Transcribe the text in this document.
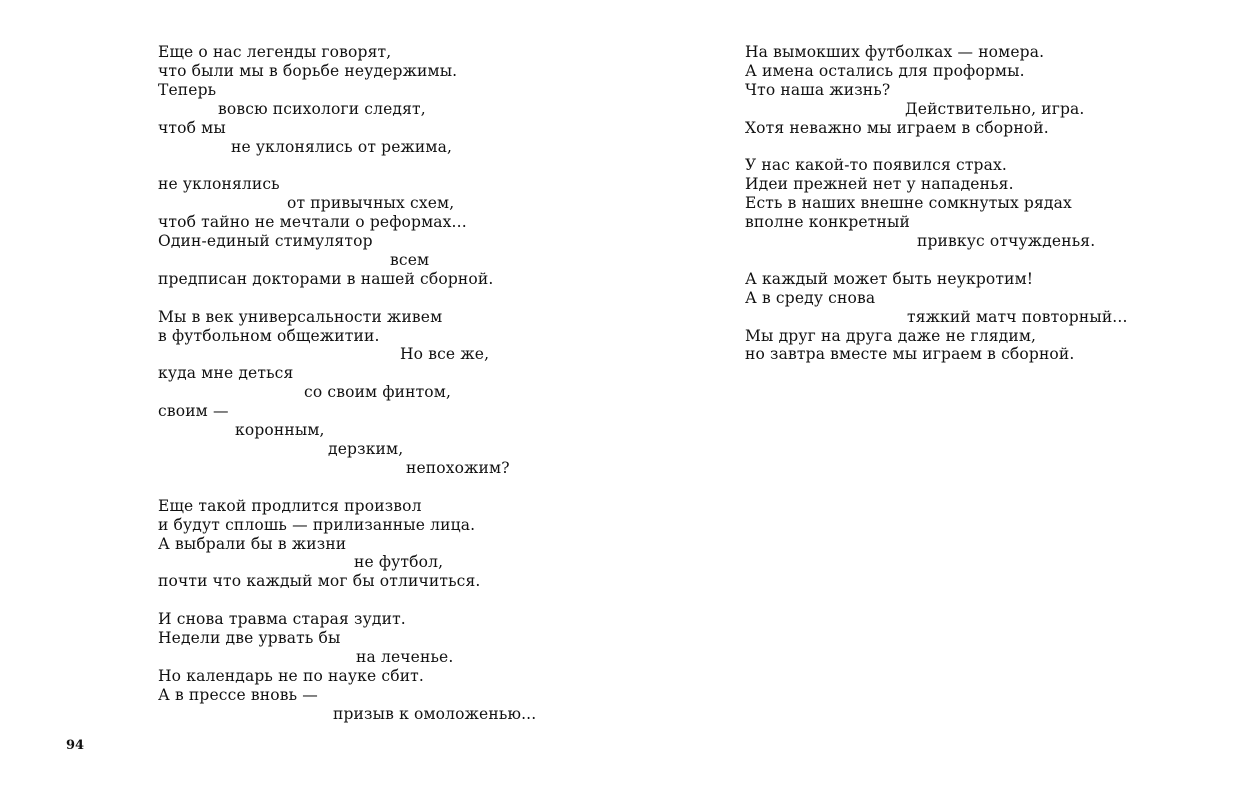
Еще о нас легенды говорят,
что были мы в борьбе неудержимы.
Теперь
вовсю психологи следят,
чтоб мы
не уклонялись от режима,
не уклонялись
от привычных схем,
чтоб тайно не мечтали о реформах...
Один-единый стимулятор
всем
предписан докторами в нашей сборной.
Мы в век универсальности живем
в футбольном общежитии.
Но все же,
куда мне деться
со своим финтом,
своим —
коронным,
дерзким,
непохожим?
Еще такой продлится произвол
и будут сплошь — прилизанные лица.
А выбрали бы в жизни
не футбол,
почти что каждый мог бы отличиться.
И снова травма старая зудит.
Недели две урвать бы
на леченье.
Но календарь не по науке сбит.
А в прессе вновь —
призыв к омоложенью...
94
На вымокших футболках — номера.
А имена остались для проформы.
Что наша жизнь?
Действительно, игра.
Хотя неважно мы играем в сборной.
У нас какой-то появился страх.
Идеи прежней нет у нападенья.
Есть в наших внешне сомкнутых рядах
вполне конкретный
привкус отчужденья.
А каждый может быть неукротим!
А в среду снова
тяжкий матч повторный...
Мы друг на друга даже не глядим,
но завтра вместе мы играем в сборной.
